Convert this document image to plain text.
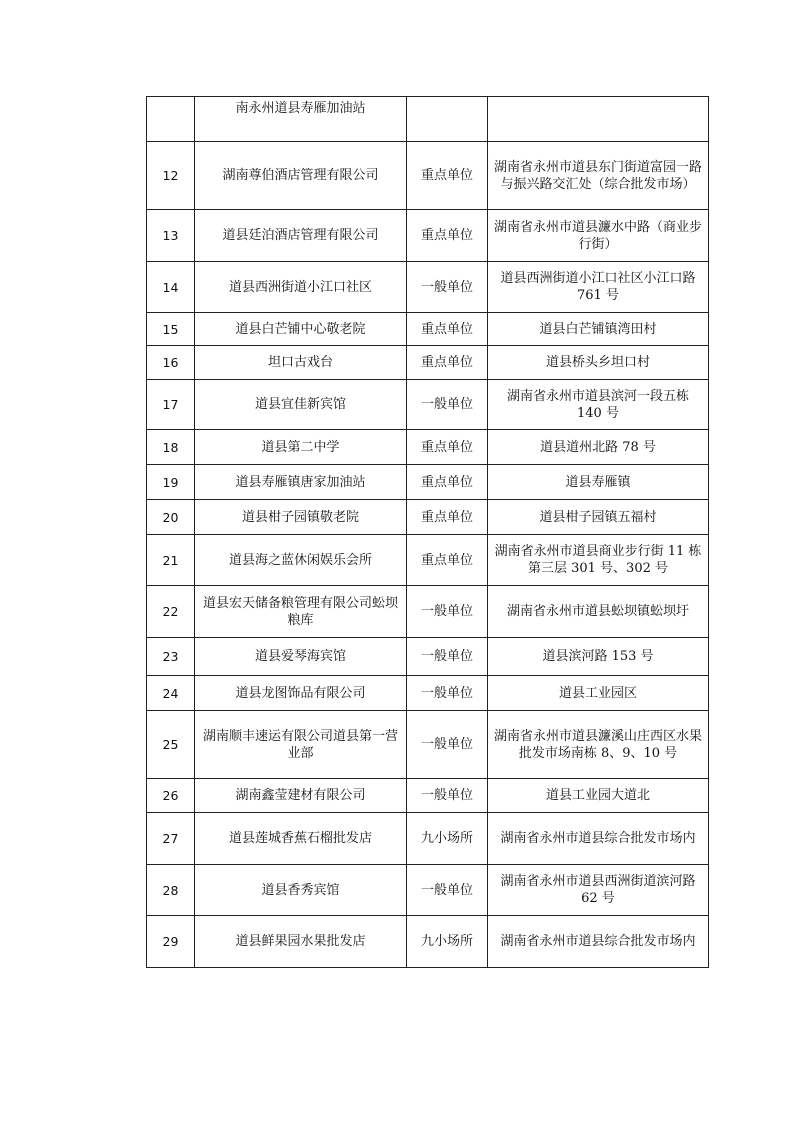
	南永州道县寿雁加油站		
12	湖南尊伯酒店管理有限公司	重点单位	湖南省永州市道县东门街道富园一路与振兴路交汇处（综合批发市场）
13	道县廷泊酒店管理有限公司	重点单位	湖南省永州市道县濂水中路（商业步行街）
14	道县西洲街道小江口社区	一般单位	道县西洲街道小江口社区小江口路 761 号
15	道县白芒铺中心敬老院	重点单位	道县白芒铺镇湾田村
16	坦口古戏台	重点单位	道县桥头乡坦口村
17	道县宜佳新宾馆	一般单位	湖南省永州市道县滨河一段五栋 140 号
18	道县第二中学	重点单位	道县道州北路 78 号
19	道县寿雁镇唐家加油站	重点单位	道县寿雁镇
20	道县柑子园镇敬老院	重点单位	道县柑子园镇五福村
21	道县海之蓝休闲娱乐会所	重点单位	湖南省永州市道县商业步行街 11 栋第三层 301 号、302 号
22	道县宏天储备粮管理有限公司蚣坝粮库	一般单位	湖南省永州市道县蚣坝镇蚣坝圩
23	道县爱琴海宾馆	一般单位	道县滨河路 153 号
24	道县龙图饰品有限公司	一般单位	道县工业园区
25	湖南顺丰速运有限公司道县第一营业部	一般单位	湖南省永州市道县濂溪山庄西区水果批发市场南栋 8、9、10 号
26	湖南鑫莹建材有限公司	一般单位	道县工业园大道北
27	道县莲城香蕉石榴批发店	九小场所	湖南省永州市道县综合批发市场内
28	道县香秀宾馆	一般单位	湖南省永州市道县西洲街道滨河路 62 号
29	道县鲜果园水果批发店	九小场所	湖南省永州市道县综合批发市场内
